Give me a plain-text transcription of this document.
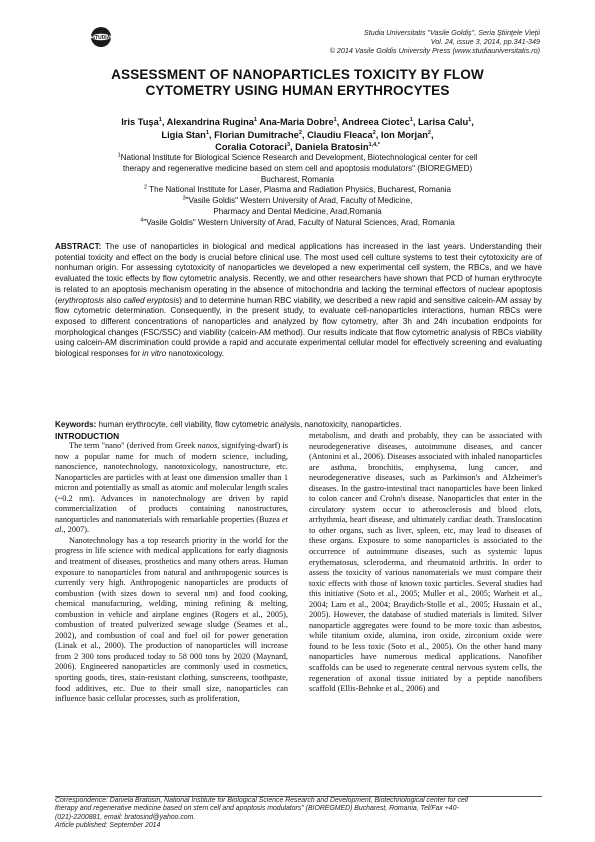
STUDIA
Studia Universitatis "Vasile Goldiş", Seria Ştiinţele Vieţii
Vol. 24, issue 3, 2014, pp.341-349
© 2014 Vasile Goldis University Press (www.studiauniversitatis.ro)
ASSESSMENT OF NANOPARTICLES TOXICITY BY FLOW
CYTOMETRY USING HUMAN ERYTHROCYTES
Iris Tuşa$^1$, Alexandrina Rugina$^1$ Ana-Maria Dobre$^1$, Andreea Ciotec$^1$, Larisa Calu$^1$,
Ligia Stan$^1$, Florian Dumitrache$^2$, Claudiu Fleaca$^2$, Ion Morjan$^2$,
Coralia Cotoraci$^3$, Daniela Bratosin$^{1,4,*}$

$^1$National Institute for Biological Science Research and Development, Biotechnological center for cell

therapy and regenerative medicine based on stem cell and apoptosis modulators" (BIOREGMED)

Bucharest, Romania

$^2$ The National Institute for Laser, Plasma and Radiation Physics, Bucharest, Romania

$^3$"Vasile Goldis" Western University of Arad, Faculty of Medicine,

Pharmacy and Dental Medicine, Arad,Romania

$^4$"Vasile Goldis" Western University of Arad, Faculty of Natural Sciences, Arad, Romania

ABSTRACT: The use of nanoparticles in biological and medical applications has increased in the last years. Understanding their potential toxicity and effect on the body is crucial before clinical use. The most used cell culture systems to test their cytotoxicity are of nonhuman origin. For assessing cytotoxicity of nanoparticles we developed a new experimental cell system, the RBCs, and we have evaluated the toxic effects by flow cytometric analysis. Recently, we and other researchers have shown that PCD of human erythrocyte is related to an apoptosis mechanism operating in the absence of mitochondria and lacking the terminal effectors of nuclear apoptosis (erythroptosis also called eryptosis) and to determine human RBC viability, we described a new rapid and sensitive calcein-AM assay by flow cytometric determination. Consequently, in the present study, to evaluate cell-nanoparticles interactions, human RBCs were exposed to different concentrations of nanoparticles and analyzed by flow cytometry, after 3h and 24h incubation endpoints for morphological changes (FSC/SSC) and viability (calcein-AM method). Our results indicate that flow cytometric analysis of RBCs viability using calcein-AM discrimination could provide a rapid and accurate experimental cellular model for effectively screening and evaluating biological responses for in vitro nanotoxicology.
Keywords: human erythrocyte, cell viability, flow cytometric analysis, nanotoxicity, nanoparticles.
INTRODUCTION

The term "nano" (derived from Greek nanos, signifying-dwarf) is now a popular name for much of modern science, including, nanoscience, nanotechnology, nanotoxicology, nanostructure, etc. Nanoparticles are particles with at least one dimension smaller than 1 micron and potentially as small as atomic and molecular length scales (~0.2 nm). Advances in nanotechnology are driven by rapid commercialization of products containing nanostructures, nanoparticles and nanomaterials with remarkable properties (Buzea et al., 2007).

Nanotechnology has a top research priority in the world for the progress in life science with medical applications for early diagnosis and treatment of diseases, prosthetics and many others areas. Human exposure to nanoparticles from natural and anthropogenic sources is currently very high. Anthropogenic nanoparticles are products of combustion (with sizes down to several nm) and food cooking, chemical manufacturing, welding, mining refining & melting, combustion in vehicle and airplane engines (Rogers et al., 2005), combustion of treated pulverized sewage sludge (Seames et al., 2002), and combustion of coal and fuel oil for power generation (Linak et al., 2000). The production of nanoparticles will increase from 2 300 tons produced today to 58 000 tons by 2020 (Maynard, 2006). Engineered nanoparticles are commonly used in cosmetics, sporting goods, tires, stain-resistant clothing, sunscreens, toothpaste, food additives, etc. Due to their small size, nanoparticles can influence basic cellular processes, such as proliferation,

metabolism, and death and probably, they can be associated with neurodegenerative diseases, autoimmune diseases, and cancer (Antonini et al., 2006). Diseases associated with inhaled nanoparticles are asthma, bronchitis, emphysema, lung cancer, and neurodegenerative diseases, such as Parkinson's and Alzheimer's diseases. In the gastro-intestinal tract nanoparticles have been linked to colon cancer and Crohn's disease. Nanoparticles that enter in the circulatory system occur to atherosclerosis and blood clots, arrhythmia, heart disease, and ultimately cardiac death. Translocation to other organs, such as liver, spleen, etc, may lead to diseases of these organs. Exposure to some nanoparticles is associated to the occurrence of autoimmune diseases, such as systemic lupus erythematosus, scleroderma, and rheumatoid arthritis. In order to assess the toxicity of various nanomaterials we must compare their toxic effects with those of known toxic particles. Several studies had this initiative (Soto et al., 2005; Muller et al., 2005; Warheit et al., 2004; Lam et al., 2004; Braydich-Stolle et al., 2005; Hussain et al., 2005). However, the database of studied materials is limited. Silver nanoparticle aggregates were found to be more toxic than asbestos, while titanium oxide, alumina, iron oxide, zirconium oxide were found to be less toxic (Soto et al., 2005). On the other hand many nanoparticles have numerous medical applications. Nanofiber scaffolds can be used to regenerate central nervous system cells, the regeneration of axonal tissue initiated by a peptide nanofibers scaffold (Ellis-Behnke et al., 2006) and

Correspondence: Daniela Bratosin, National Institute for Biological Science Research and Development, Biotechnological center for cell

therapy and regenerative medicine based on stem cell and apoptosis modulators" (BIOREGMED) Bucharest, Romania, Tel/Fax +40-

(021)-2200881, email: bratosind@yahoo.com.

Article published: September 2014
